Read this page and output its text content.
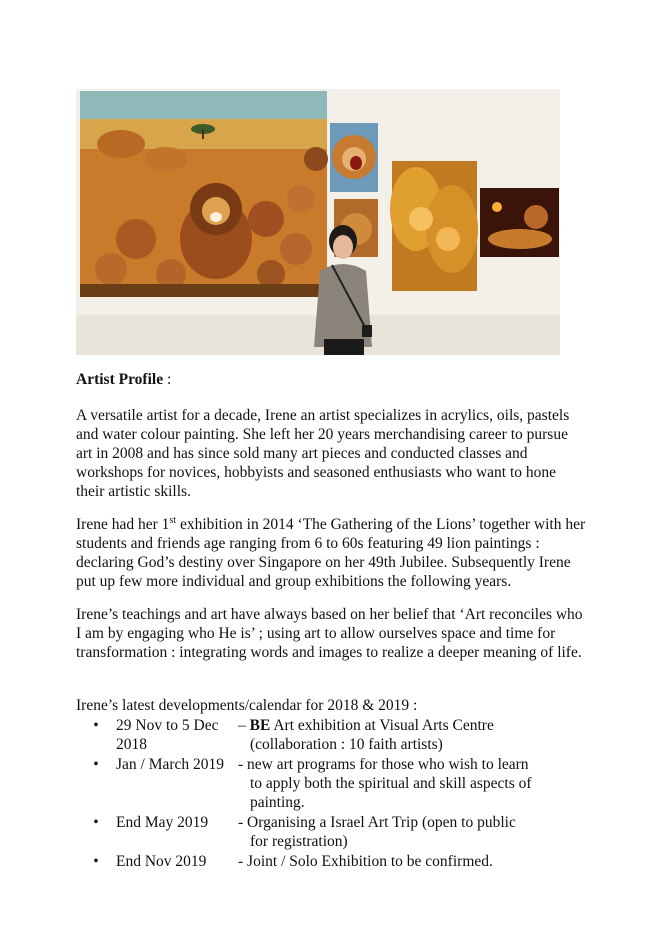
Artist Profile :

A versatile artist for a decade, Irene an artist specializes in acrylics, oils, pastels and water colour painting. She left her 20 years merchandising career to pursue art in 2008 and has since sold many art pieces and conducted classes and workshops for novices, hobbyists and seasoned enthusiasts who want to hone their artistic skills.

Irene had her 1st exhibition in 2014 ‘The Gathering of the Lions’ together with her students and friends age ranging from 6 to 60s featuring 49 lion paintings : declaring God’s destiny over Singapore on her 49th Jubilee. Subsequently Irene put up few more individual and group exhibitions the following years.

Irene’s teachings and art have always based on her belief that ‘Art reconciles who I am by engaging who He is’ ; using art to allow ourselves space and time for transformation : integrating words and images to realize a deeper meaning of life.

Irene’s latest developments/calendar for 2018 & 2019 :

•	29 Nov to 5 Dec 2018
– BE Art exhibition at Visual Arts Centre
(collaboration : 10 faith artists)
•	Jan / March 2019 - new art programs for those who wish to learn
to apply both the spiritual and skill aspects of
painting.
•	End May 2019	- Organising a Israel Art Trip (open to public
for registration)
•	End Nov 2019	- Joint / Solo Exhibition to be confirmed.
